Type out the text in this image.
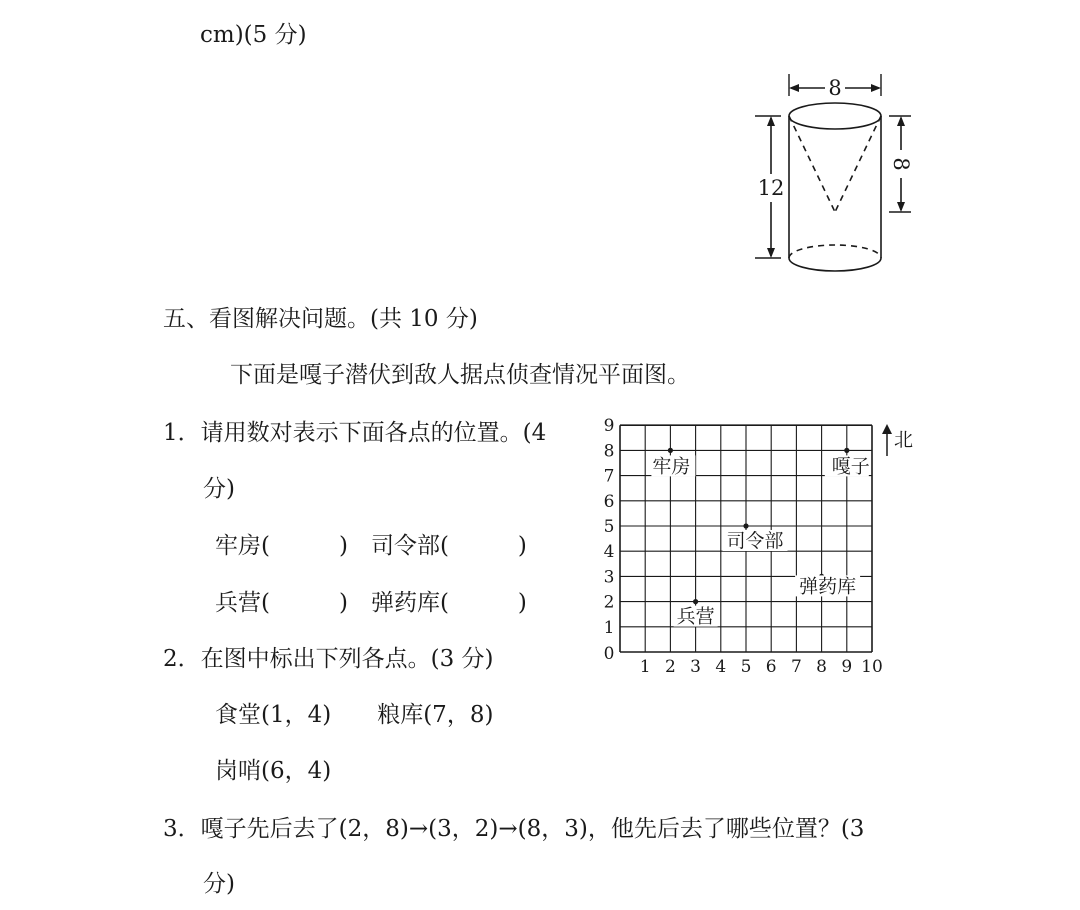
cm)(5 分)

8
12
8

五、看图解决问题。(共 10 分)

下面是嘎子潜伏到敌人据点侦查情况平面图。

1．请用数对表示下面各点的位置。(4

分)

牢房(　　　)　司令部(　　　)

兵营(　　　)　弹药库(　　　)

2．在图中标出下列各点。(3 分)

食堂(1，4)　　粮库(7，8)

岗哨(6，4)

3．嘎子先后去了(2，8)→(3，2)→(8，3)，他先后去了哪些位置？(3

分)

1 2 3 4 5 6 7 8 9 10
0
1
2
3
4
5
6
7
8
9
牢房	嘎子
司令部
弹药库
兵营
北
